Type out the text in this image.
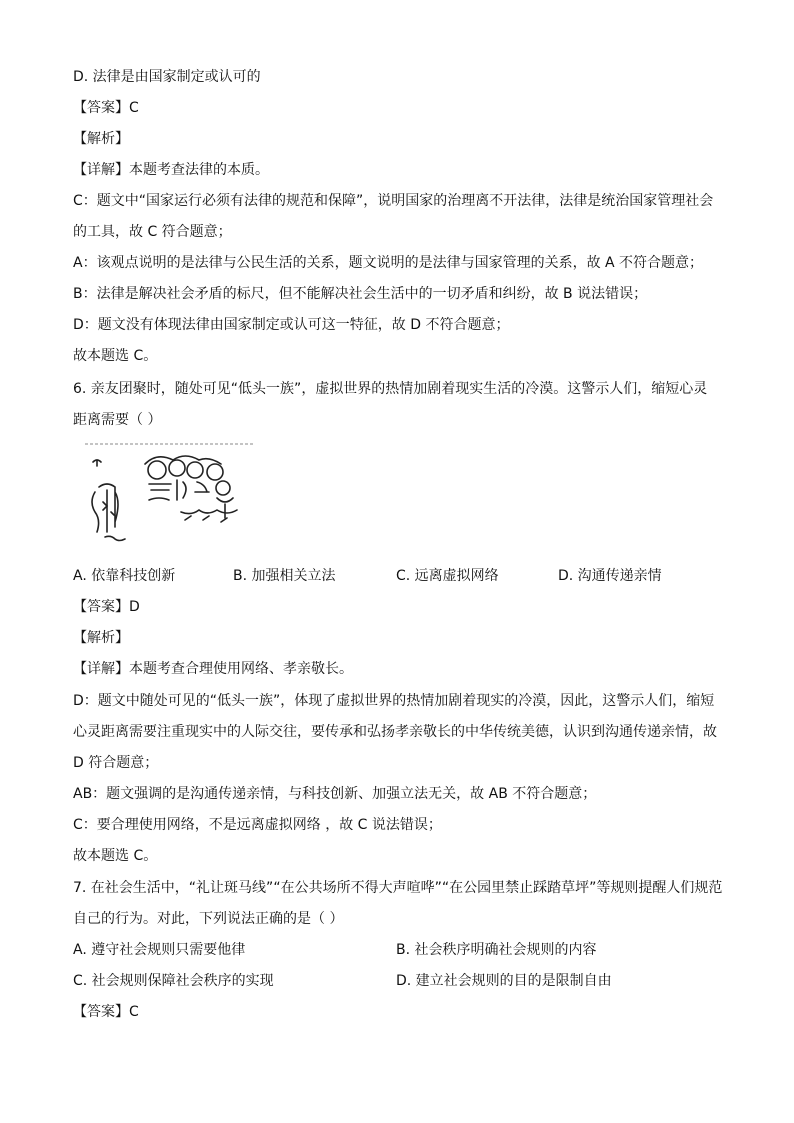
D. 法律是由国家制定或认可的
【答案】C
【解析】
【详解】本题考查法律的本质。
C：题文中“国家运行必须有法律的规范和保障”，说明国家的治理离不开法律，法律是统治国家管理社会
的工具，故 C 符合题意；
A：该观点说明的是法律与公民生活的关系，题文说明的是法律与国家管理的关系，故 A 不符合题意；
B：法律是解决社会矛盾的标尺，但不能解决社会生活中的一切矛盾和纠纷，故 B 说法错误；
D：题文没有体现法律由国家制定或认可这一特征，故 D 不符合题意；
故本题选 C。
6. 亲友团聚时，随处可见“低头一族”，虚拟世界的热情加剧着现实生活的冷漠。这警示人们，缩短心灵
距离需要（ ）
A. 依靠科技创新	B. 加强相关立法	C. 远离虚拟网络	D. 沟通传递亲情
【答案】D
【解析】
【详解】本题考查合理使用网络、孝亲敬长。
D：题文中随处可见的“低头一族”，体现了虚拟世界的热情加剧着现实的冷漠，因此，这警示人们，缩短
心灵距离需要注重现实中的人际交往，要传承和弘扬孝亲敬长的中华传统美德，认识到沟通传递亲情，故
D 符合题意；
AB：题文强调的是沟通传递亲情，与科技创新、加强立法无关，故 AB 不符合题意；
C：要合理使用网络，不是远离虚拟网络 ，故 C 说法错误；
故本题选 C。
7. 在社会生活中，“礼让斑马线”“在公共场所不得大声喧哗”“在公园里禁止踩踏草坪”等规则提醒人们规范
自己的行为。对此，下列说法正确的是（ ）
A. 遵守社会规则只需要他律	B. 社会秩序明确社会规则的内容
C. 社会规则保障社会秩序的实现	D. 建立社会规则的目的是限制自由
【答案】C
